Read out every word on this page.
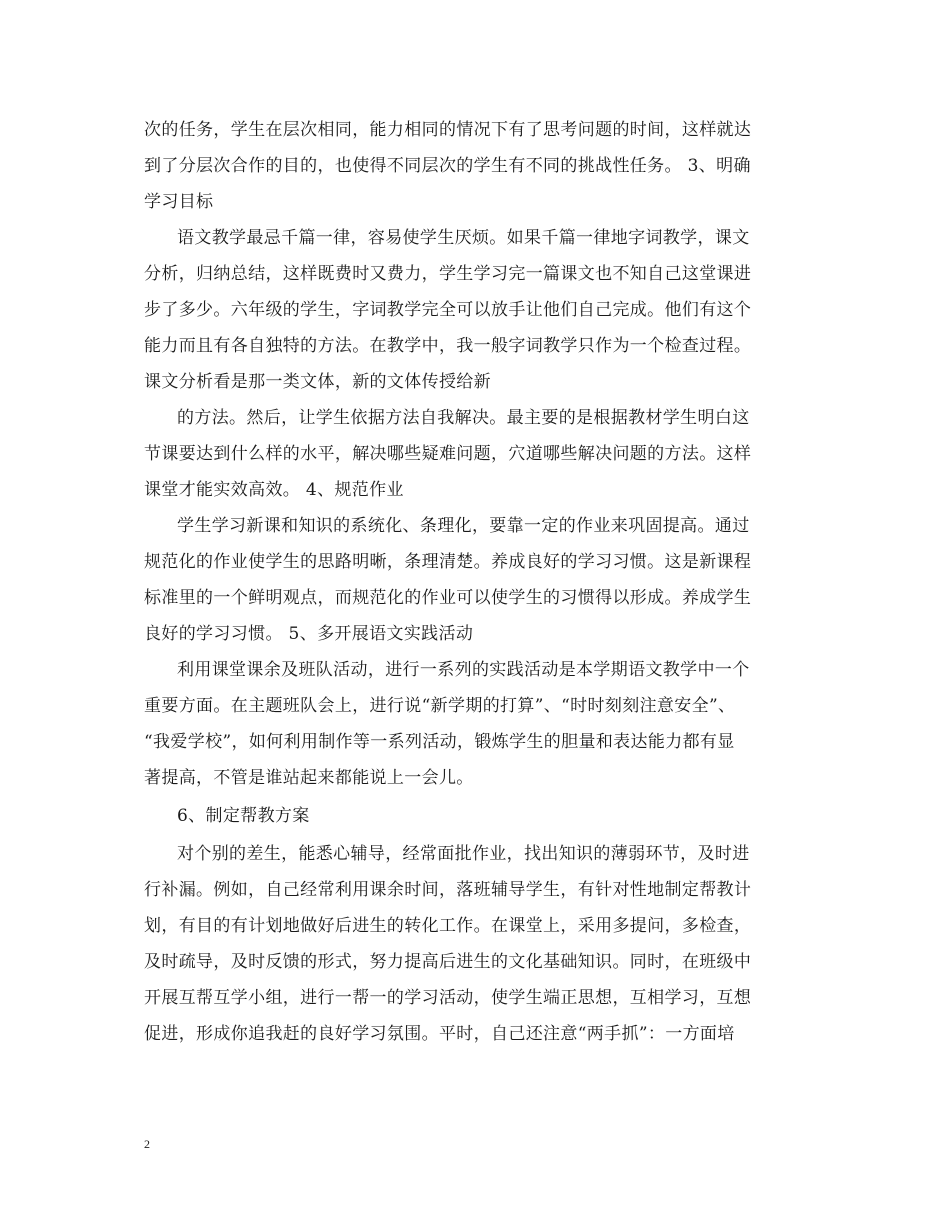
次的任务，学生在层次相同，能力相同的情况下有了思考问题的时间，这样就达
到了分层次合作的目的，也使得不同层次的学生有不同的挑战性任务。 3、明确
学习目标
语文教学最忌千篇一律，容易使学生厌烦。如果千篇一律地字词教学，课文
分析，归纳总结，这样既费时又费力，学生学习完一篇课文也不知自己这堂课进
步了多少。六年级的学生，字词教学完全可以放手让他们自己完成。他们有这个
能力而且有各自独特的方法。在教学中，我一般字词教学只作为一个检查过程。
课文分析看是那一类文体，新的文体传授给新
的方法。然后，让学生依据方法自我解决。最主要的是根据教材学生明白这
节课要达到什么样的水平，解决哪些疑难问题，穴道哪些解决问题的方法。这样
课堂才能实效高效。 4、规范作业
学生学习新课和知识的系统化、条理化，要靠一定的作业来巩固提高。通过
规范化的作业使学生的思路明晰，条理清楚。养成良好的学习习惯。这是新课程
标准里的一个鲜明观点，而规范化的作业可以使学生的习惯得以形成。养成学生
良好的学习习惯。 5、多开展语文实践活动
利用课堂课余及班队活动，进行一系列的实践活动是本学期语文教学中一个
重要方面。在主题班队会上，进行说“新学期的打算”、“时时刻刻注意安全”、
“我爱学校”，如何利用制作等一系列活动，锻炼学生的胆量和表达能力都有显
著提高，不管是谁站起来都能说上一会儿。
6、制定帮教方案
对个别的差生，能悉心辅导，经常面批作业，找出知识的薄弱环节，及时进
行补漏。例如，自己经常利用课余时间，落班辅导学生，有针对性地制定帮教计
划，有目的有计划地做好后进生的转化工作。在课堂上，采用多提问，多检查，
及时疏导，及时反馈的形式，努力提高后进生的文化基础知识。同时，在班级中
开展互帮互学小组，进行一帮一的学习活动，使学生端正思想，互相学习，互想
促进，形成你追我赶的良好学习氛围。平时，自己还注意“两手抓”：一方面培
2
